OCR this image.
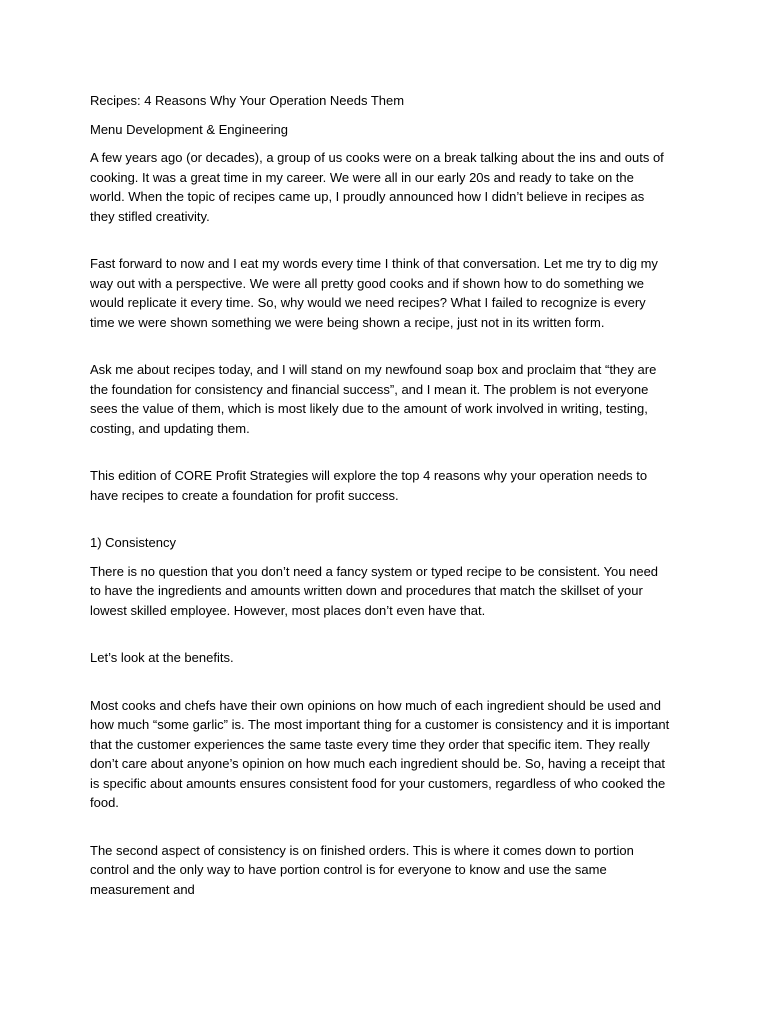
Recipes: 4 Reasons Why Your Operation Needs Them

Menu Development & Engineering

A few years ago (or decades), a group of us cooks were on a break talking about the ins and outs of cooking. It was a great time in my career. We were all in our early 20s and ready to take on the world. When the topic of recipes came up, I proudly announced how I didn’t believe in recipes as they stifled creativity.

Fast forward to now and I eat my words every time I think of that conversation. Let me try to dig my way out with a perspective. We were all pretty good cooks and if shown how to do something we would replicate it every time. So, why would we need recipes? What I failed to recognize is every time we were shown something we were being shown a recipe, just not in its written form.

Ask me about recipes today, and I will stand on my newfound soap box and proclaim that “they are the foundation for consistency and financial success”, and I mean it. The problem is not everyone sees the value of them, which is most likely due to the amount of work involved in writing, testing, costing, and updating them.

This edition of CORE Profit Strategies will explore the top 4 reasons why your operation needs to have recipes to create a foundation for profit success.

1) Consistency

There is no question that you don’t need a fancy system or typed recipe to be consistent. You need to have the ingredients and amounts written down and procedures that match the skillset of your lowest skilled employee. However, most places don’t even have that.

Let’s look at the benefits.

Most cooks and chefs have their own opinions on how much of each ingredient should be used and how much “some garlic” is. The most important thing for a customer is consistency and it is important that the customer experiences the same taste every time they order that specific item. They really don’t care about anyone’s opinion on how much each ingredient should be. So, having a receipt that is specific about amounts ensures consistent food for your customers, regardless of who cooked the food.

The second aspect of consistency is on finished orders. This is where it comes down to portion control and the only way to have portion control is for everyone to know and use the same measurement and
